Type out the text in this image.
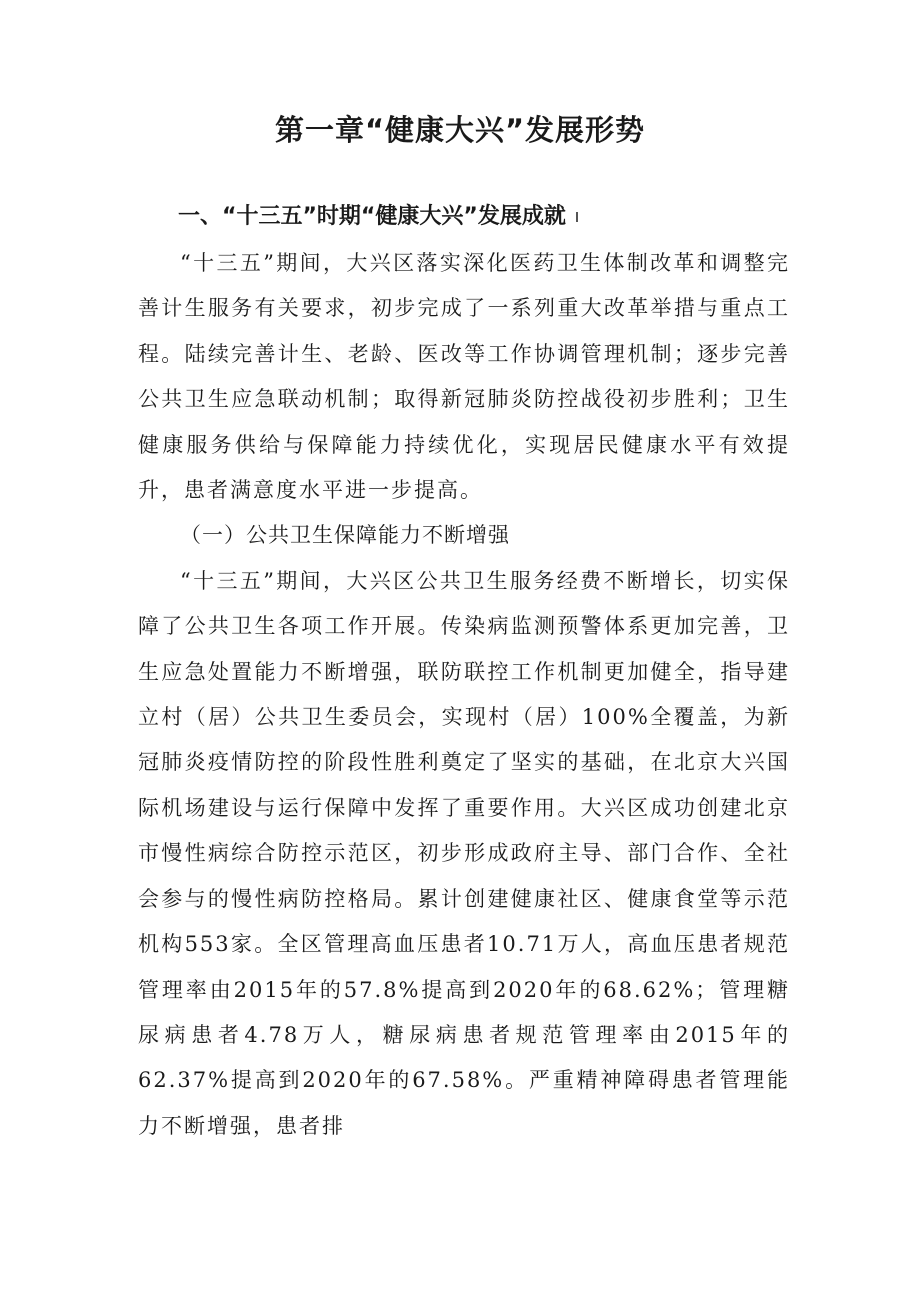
第一章“健康大兴”发展形势
一、“十三五”时期“健康大兴”发展成就

“十三五”期间，大兴区落实深化医药卫生体制改革和调整完善计生服务有关要求，初步完成了一系列重大改革举措与重点工程。陆续完善计生、老龄、医改等工作协调管理机制；逐步完善公共卫生应急联动机制；取得新冠肺炎防控战役初步胜利；卫生健康服务供给与保障能力持续优化，实现居民健康水平有效提升，患者满意度水平进一步提高。

（一）公共卫生保障能力不断增强

“十三五”期间，大兴区公共卫生服务经费不断增长，切实保障了公共卫生各项工作开展。传染病监测预警体系更加完善，卫生应急处置能力不断增强，联防联控工作机制更加健全，指导建立村（居）公共卫生委员会，实现村（居）100%全覆盖，为新冠肺炎疫情防控的阶段性胜利奠定了坚实的基础，在北京大兴国际机场建设与运行保障中发挥了重要作用。大兴区成功创建北京市慢性病综合防控示范区，初步形成政府主导、部门合作、全社会参与的慢性病防控格局。累计创建健康社区、健康食堂等示范机构553家。全区管理高血压患者10.71万人，高血压患者规范管理率由2015年的57.8%提高到2020年的68.62%；管理糖尿病患者4.78万人，糖尿病患者规范管理率由2015年的62.37%提高到2020年的67.58%。严重精神障碍患者管理能力不断增强，患者排
